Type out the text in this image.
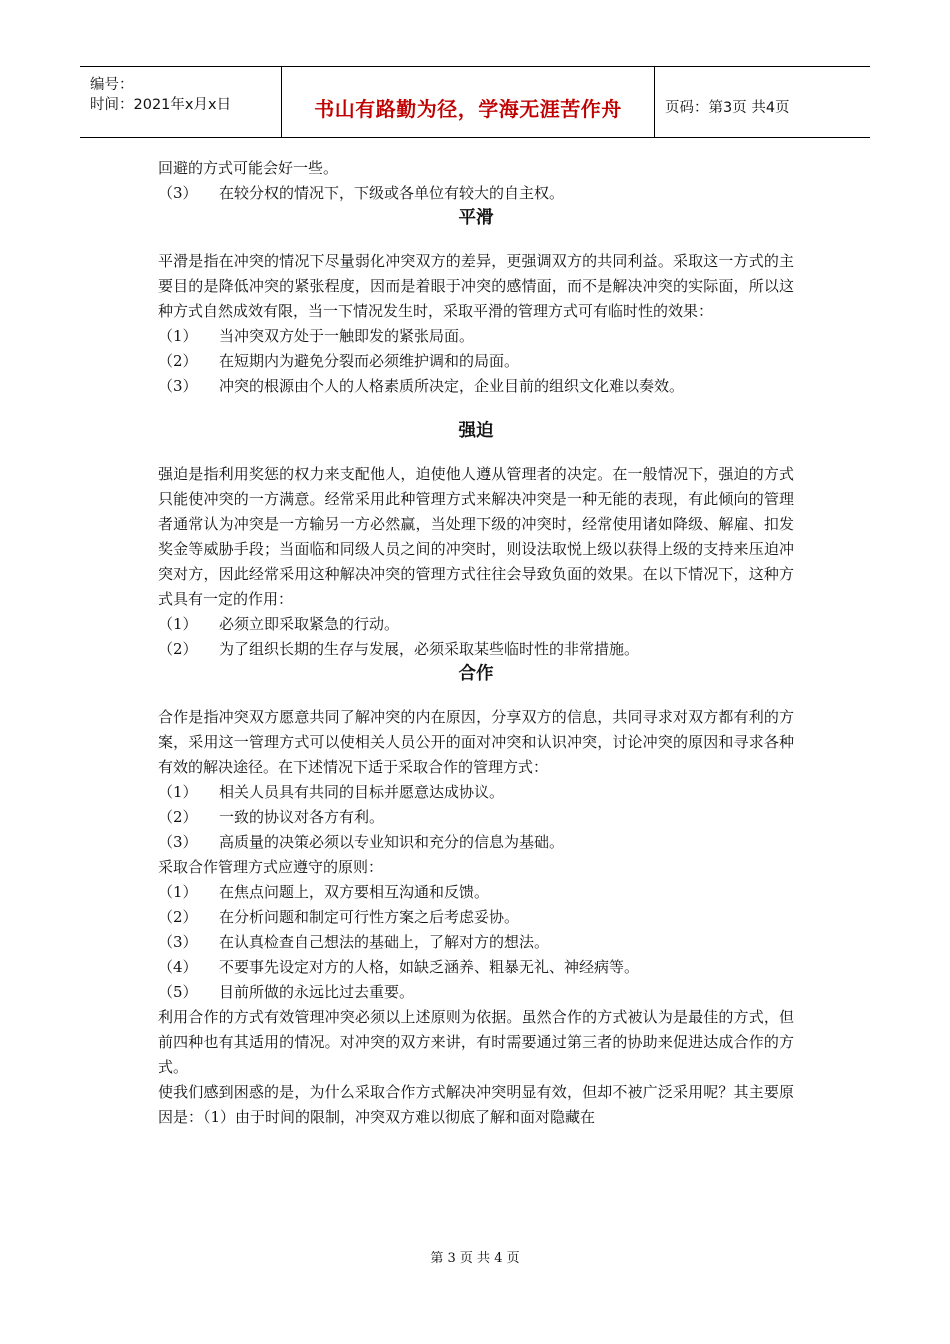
编号：
时间：2021年x月x日	书山有路勤为径，学海无涯苦作舟	页码：第3页 共4页

回避的方式可能会好一些。

（3）	在较分权的情况下，下级或各单位有较大的自主权。
平滑

平滑是指在冲突的情况下尽量弱化冲突双方的差异，更强调双方的共同利益。采取这一方式的主要目的是降低冲突的紧张程度，因而是着眼于冲突的感情面，而不是解决冲突的实际面，所以这种方式自然成效有限，当一下情况发生时，采取平滑的管理方式可有临时性的效果：

（1）	当冲突双方处于一触即发的紧张局面。
（2）	在短期内为避免分裂而必须维护调和的局面。
（3）	冲突的根源由个人的人格素质所决定，企业目前的组织文化难以奏效。
强迫

强迫是指利用奖惩的权力来支配他人，迫使他人遵从管理者的决定。在一般情况下，强迫的方式只能使冲突的一方满意。经常采用此种管理方式来解决冲突是一种无能的表现，有此倾向的管理者通常认为冲突是一方输另一方必然赢，当处理下级的冲突时，经常使用诸如降级、解雇、扣发奖金等威胁手段；当面临和同级人员之间的冲突时，则设法取悦上级以获得上级的支持来压迫冲突对方，因此经常采用这种解决冲突的管理方式往往会导致负面的效果。在以下情况下，这种方式具有一定的作用：

（1）	必须立即采取紧急的行动。
（2）	为了组织长期的生存与发展，必须采取某些临时性的非常措施。
合作

合作是指冲突双方愿意共同了解冲突的内在原因，分享双方的信息，共同寻求对双方都有利的方案，采用这一管理方式可以使相关人员公开的面对冲突和认识冲突，讨论冲突的原因和寻求各种有效的解决途径。在下述情况下适于采取合作的管理方式：

（1）	相关人员具有共同的目标并愿意达成协议。
（2）	一致的协议对各方有利。
（3）	高质量的决策必须以专业知识和充分的信息为基础。

采取合作管理方式应遵守的原则：

（1）	在焦点问题上，双方要相互沟通和反馈。
（2）	在分析问题和制定可行性方案之后考虑妥协。
（3）	在认真检查自己想法的基础上，了解对方的想法。
（4）	不要事先设定对方的人格，如缺乏涵养、粗暴无礼、神经病等。
（5）	目前所做的永远比过去重要。

利用合作的方式有效管理冲突必须以上述原则为依据。虽然合作的方式被认为是最佳的方式，但前四种也有其适用的情况。对冲突的双方来讲，有时需要通过第三者的协助来促进达成合作的方式。

使我们感到困惑的是，为什么采取合作方式解决冲突明显有效，但却不被广泛采用呢？其主要原因是：（1）由于时间的限制，冲突双方难以彻底了解和面对隐藏在

第 3 页 共 4 页
